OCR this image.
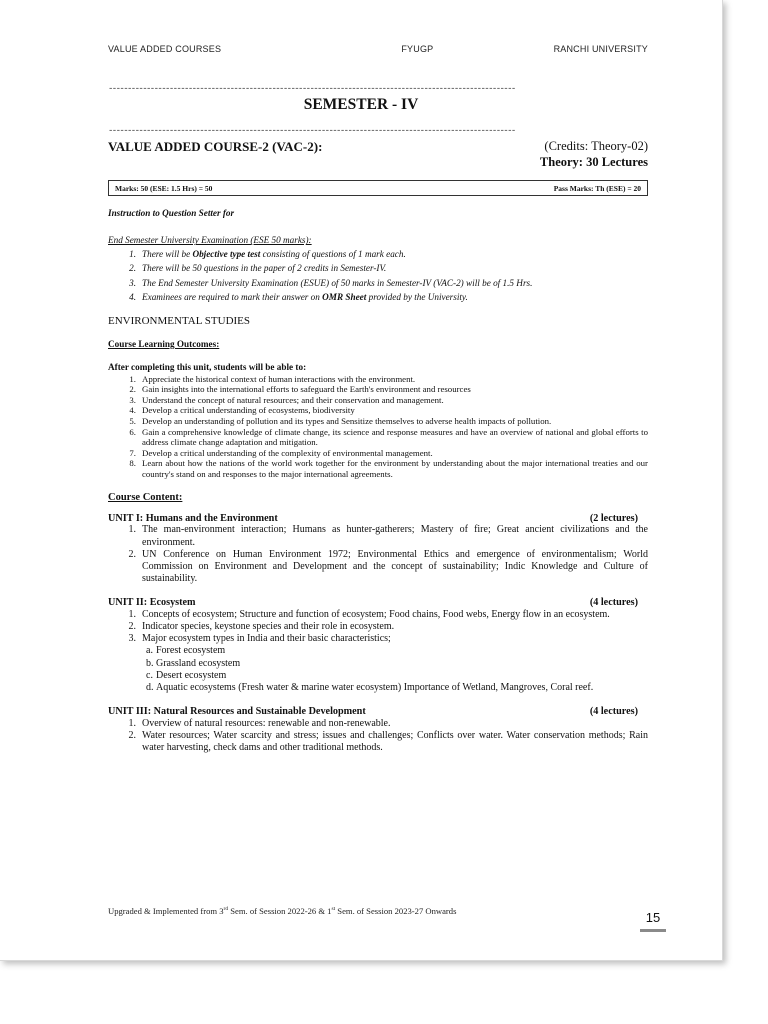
VALUE ADDED COURSES	FYUGP	RANCHI UNIVERSITY
-----------------------------------------------------------------------------------------------------------
SEMESTER - IV
-----------------------------------------------------------------------------------------------------------
VALUE ADDED COURSE-2 (VAC-2):	(Credits: Theory-02)
Theory: 30 Lectures
Marks: 50 (ESE: 1.5 Hrs) = 50	Pass Marks: Th (ESE) = 20
Instruction to Question Setter for
End Semester University Examination (ESE 50 marks):
1. There will be Objective type test consisting of questions of 1 mark each.
2. There will be 50 questions in the paper of 2 credits in Semester-IV.
3. The End Semester University Examination (ESUE) of 50 marks in Semester-IV (VAC-2) will be of 1.5 Hrs.
4. Examinees are required to mark their answer on OMR Sheet provided by the University.
ENVIRONMENTAL STUDIES
Course Learning Outcomes:
After completing this unit, students will be able to:
1. Appreciate the historical context of human interactions with the environment.
2. Gain insights into the international efforts to safeguard the Earth's environment and resources
3. Understand the concept of natural resources; and their conservation and management.
4. Develop a critical understanding of ecosystems, biodiversity
5. Develop an understanding of pollution and its types and Sensitize themselves to adverse health impacts of pollution.
6. Gain a comprehensive knowledge of climate change, its science and response measures and have an overview of national and global efforts to address climate change adaptation and mitigation.
7. Develop a critical understanding of the complexity of environmental management.
8. Learn about how the nations of the world work together for the environment by understanding about the major international treaties and our country's stand on and responses to the major international agreements.
Course Content:
UNIT I: Humans and the Environment	(2 lectures)
1. The man-environment interaction; Humans as hunter-gatherers; Mastery of fire; Great ancient civilizations and the environment.
2. UN Conference on Human Environment 1972; Environmental Ethics and emergence of environmentalism; World Commission on Environment and Development and the concept of sustainability; Indic Knowledge and Culture of sustainability.
UNIT II: Ecosystem	(4 lectures)
1. Concepts of ecosystem; Structure and function of ecosystem; Food chains, Food webs, Energy flow in an ecosystem.
2. Indicator species, keystone species and their role in ecosystem.
3. Major ecosystem types in India and their basic characteristics;
a. Forest ecosystem
b. Grassland ecosystem
c. Desert ecosystem
d. Aquatic ecosystems (Fresh water & marine water ecosystem) Importance of Wetland, Mangroves, Coral reef.
UNIT III: Natural Resources and Sustainable Development	(4 lectures)
1. Overview of natural resources: renewable and non-renewable.
2. Water resources; Water scarcity and stress; issues and challenges; Conflicts over water. Water conservation methods; Rain water harvesting, check dams and other traditional methods.
Upgraded & Implemented from 3rd Sem. of Session 2022-26 & 1st Sem. of Session 2023-27 Onwards	15
